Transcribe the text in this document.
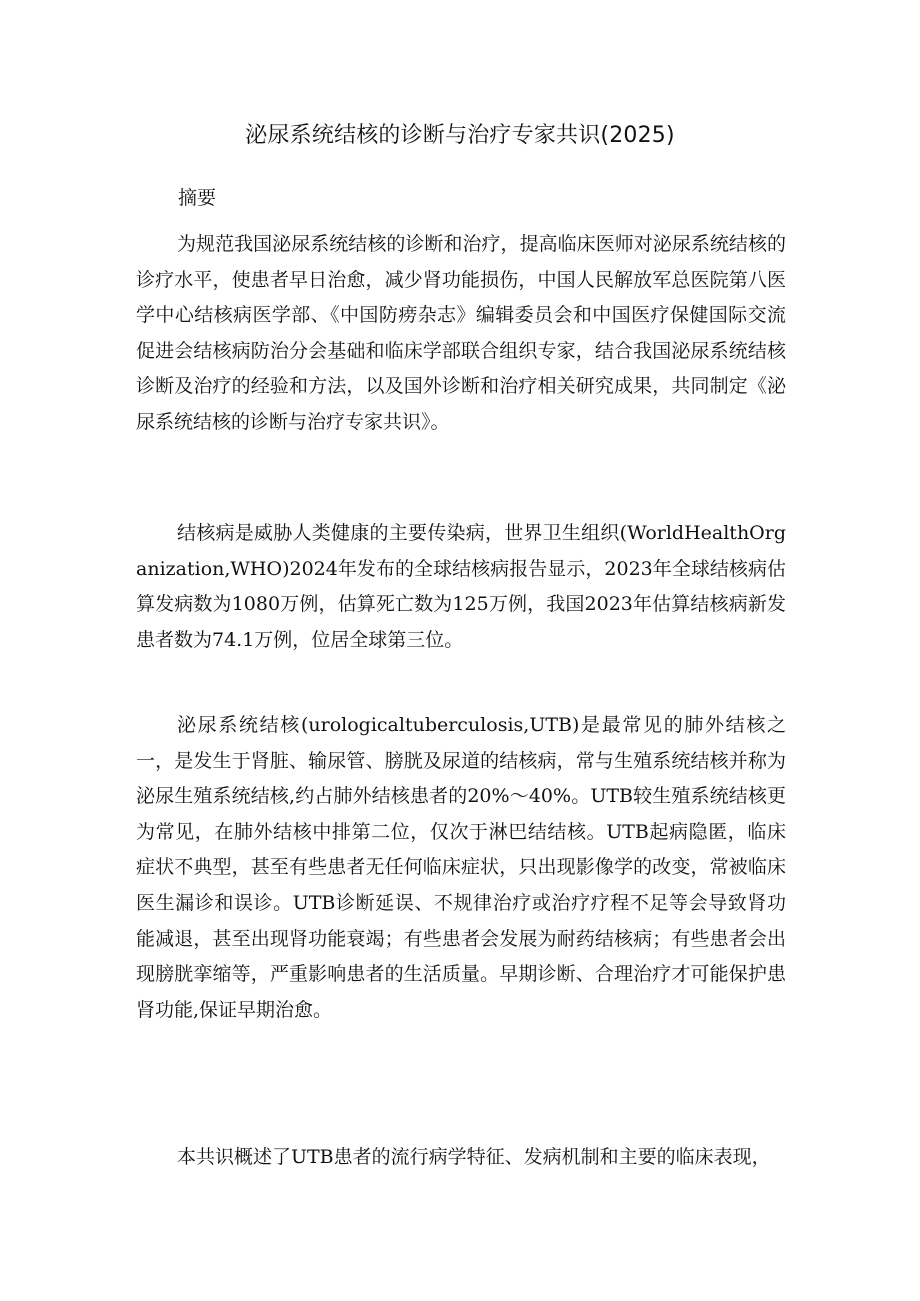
泌尿系统结核的诊断与治疗专家共识(2025)
摘要

为规范我国泌尿系统结核的诊断和治疗，提高临床医师对泌尿系统结核的诊疗水平，使患者早日治愈，减少肾功能损伤，中国人民解放军总医院第八医学中心结核病医学部、《中国防痨杂志》编辑委员会和中国医疗保健国际交流促进会结核病防治分会基础和临床学部联合组织专家，结合我国泌尿系统结核诊断及治疗的经验和方法，以及国外诊断和治疗相关研究成果，共同制定《泌尿系统结核的诊断与治疗专家共识》。

结核病是威胁人类健康的主要传染病，世界卫生组织(WorldHealthOrganization,WHO)2024年发布的全球结核病报告显示，2023年全球结核病估算发病数为1080万例，估算死亡数为125万例，我国2023年估算结核病新发患者数为74.1万例，位居全球第三位。

泌尿系统结核(urologicaltuberculosis,UTB)是最常见的肺外结核之一，是发生于肾脏、输尿管、膀胱及尿道的结核病，常与生殖系统结核并称为泌尿生殖系统结核,约占肺外结核患者的20%～40%。UTB较生殖系统结核更为常见，在肺外结核中排第二位，仅次于淋巴结结核。UTB起病隐匿，临床症状不典型，甚至有些患者无任何临床症状，只出现影像学的改变，常被临床医生漏诊和误诊。UTB诊断延误、不规律治疗或治疗疗程不足等会导致肾功能减退，甚至出现肾功能衰竭；有些患者会发展为耐药结核病；有些患者会出现膀胱挛缩等，严重影响患者的生活质量。早期诊断、合理治疗才可能保护患肾功能,保证早期治愈。

本共识概述了UTB患者的流行病学特征、发病机制和主要的临床表现，
